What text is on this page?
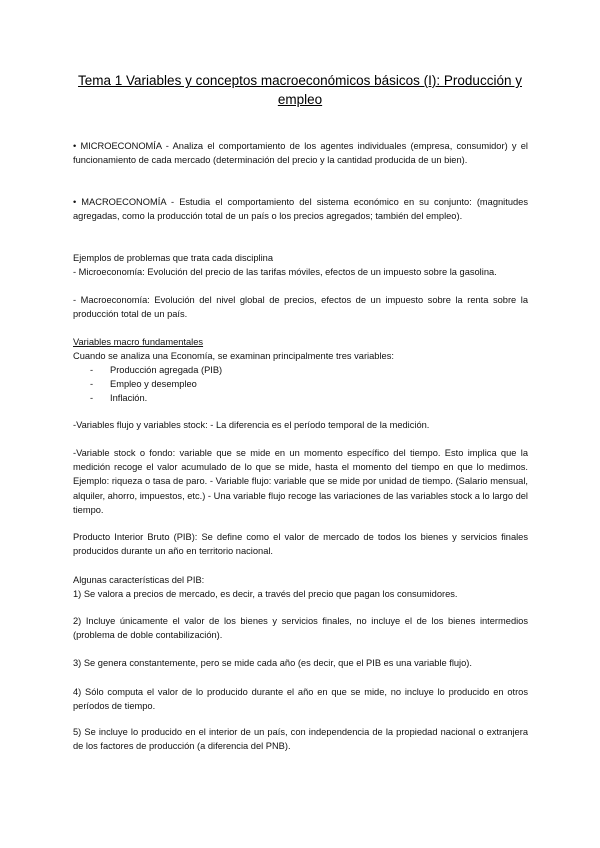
Tema 1 Variables y conceptos macroeconómicos básicos (I): Producción y empleo

• MICROECONOMÍA - Analiza el comportamiento de los agentes individuales (empresa, consumidor) y el funcionamiento de cada mercado (determinación del precio y la cantidad producida de un bien).

• MACROECONOMÍA - Estudia el comportamiento del sistema económico en su conjunto: (magnitudes agregadas, como la producción total de un país o los precios agregados; también del empleo).

Ejemplos de problemas que trata cada disciplina

- Microeconomía: Evolución del precio de las tarifas móviles, efectos de un impuesto sobre la gasolina.

- Macroeconomía: Evolución del nivel global de precios, efectos de un impuesto sobre la renta sobre la producción total de un país.

Variables macro fundamentales

Cuando se analiza una Economía, se examinan principalmente tres variables:

- Producción agregada (PIB)
- Empleo y desempleo
- Inflación.

-Variables flujo y variables stock: - La diferencia es el período temporal de la medición.

-Variable stock o fondo: variable que se mide en un momento específico del tiempo. Esto implica que la medición recoge el valor acumulado de lo que se mide, hasta el momento del tiempo en que lo medimos. Ejemplo: riqueza o tasa de paro. - Variable flujo: variable que se mide por unidad de tiempo. (Salario mensual, alquiler, ahorro, impuestos, etc.) - Una variable flujo recoge las variaciones de las variables stock a lo largo del tiempo.

Producto Interior Bruto (PIB): Se define como el valor de mercado de todos los bienes y servicios finales producidos durante un año en territorio nacional.

Algunas características del PIB:

1) Se valora a precios de mercado, es decir, a través del precio que pagan los consumidores.

2) Incluye únicamente el valor de los bienes y servicios finales, no incluye el de los bienes intermedios (problema de doble contabilización).

3) Se genera constantemente, pero se mide cada año (es decir, que el PIB es una variable flujo).

4) Sólo computa el valor de lo producido durante el año en que se mide, no incluye lo producido en otros períodos de tiempo.

5) Se incluye lo producido en el interior de un país, con independencia de la propiedad nacional o extranjera de los factores de producción (a diferencia del PNB).
